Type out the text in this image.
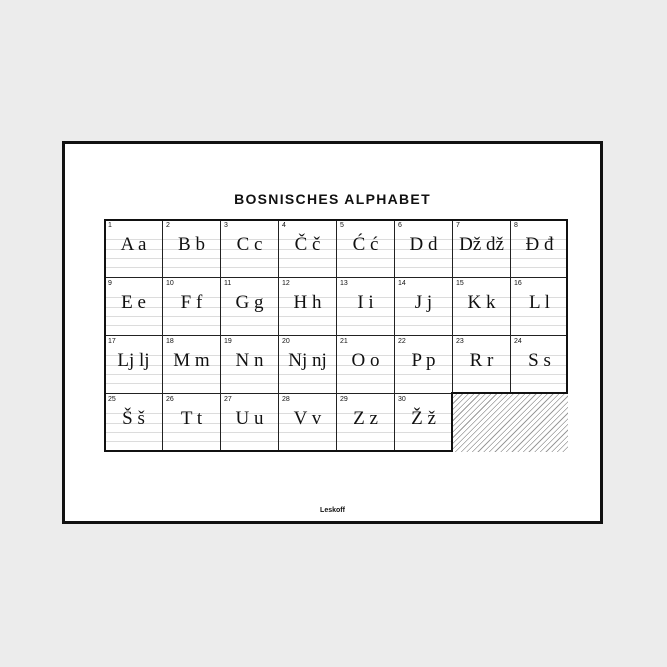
BOSNISCHES ALPHABET
1
A a
2
B b
3
C c
4
Č č
5
Ć ć
6
D d
7
Dž dž
8
Đ đ
9
E e
10
F f
11
G g
12
H h
13
I i
14
J j
15
K k
16
L l
17
Lj lj
18
M m
19
N n
20
Nj nj
21
O o
22
P p
23
R r
24
S s
25
Š š
26
T t
27
U u
28
V v
29
Z z
30
Ž ž
Leskoff
